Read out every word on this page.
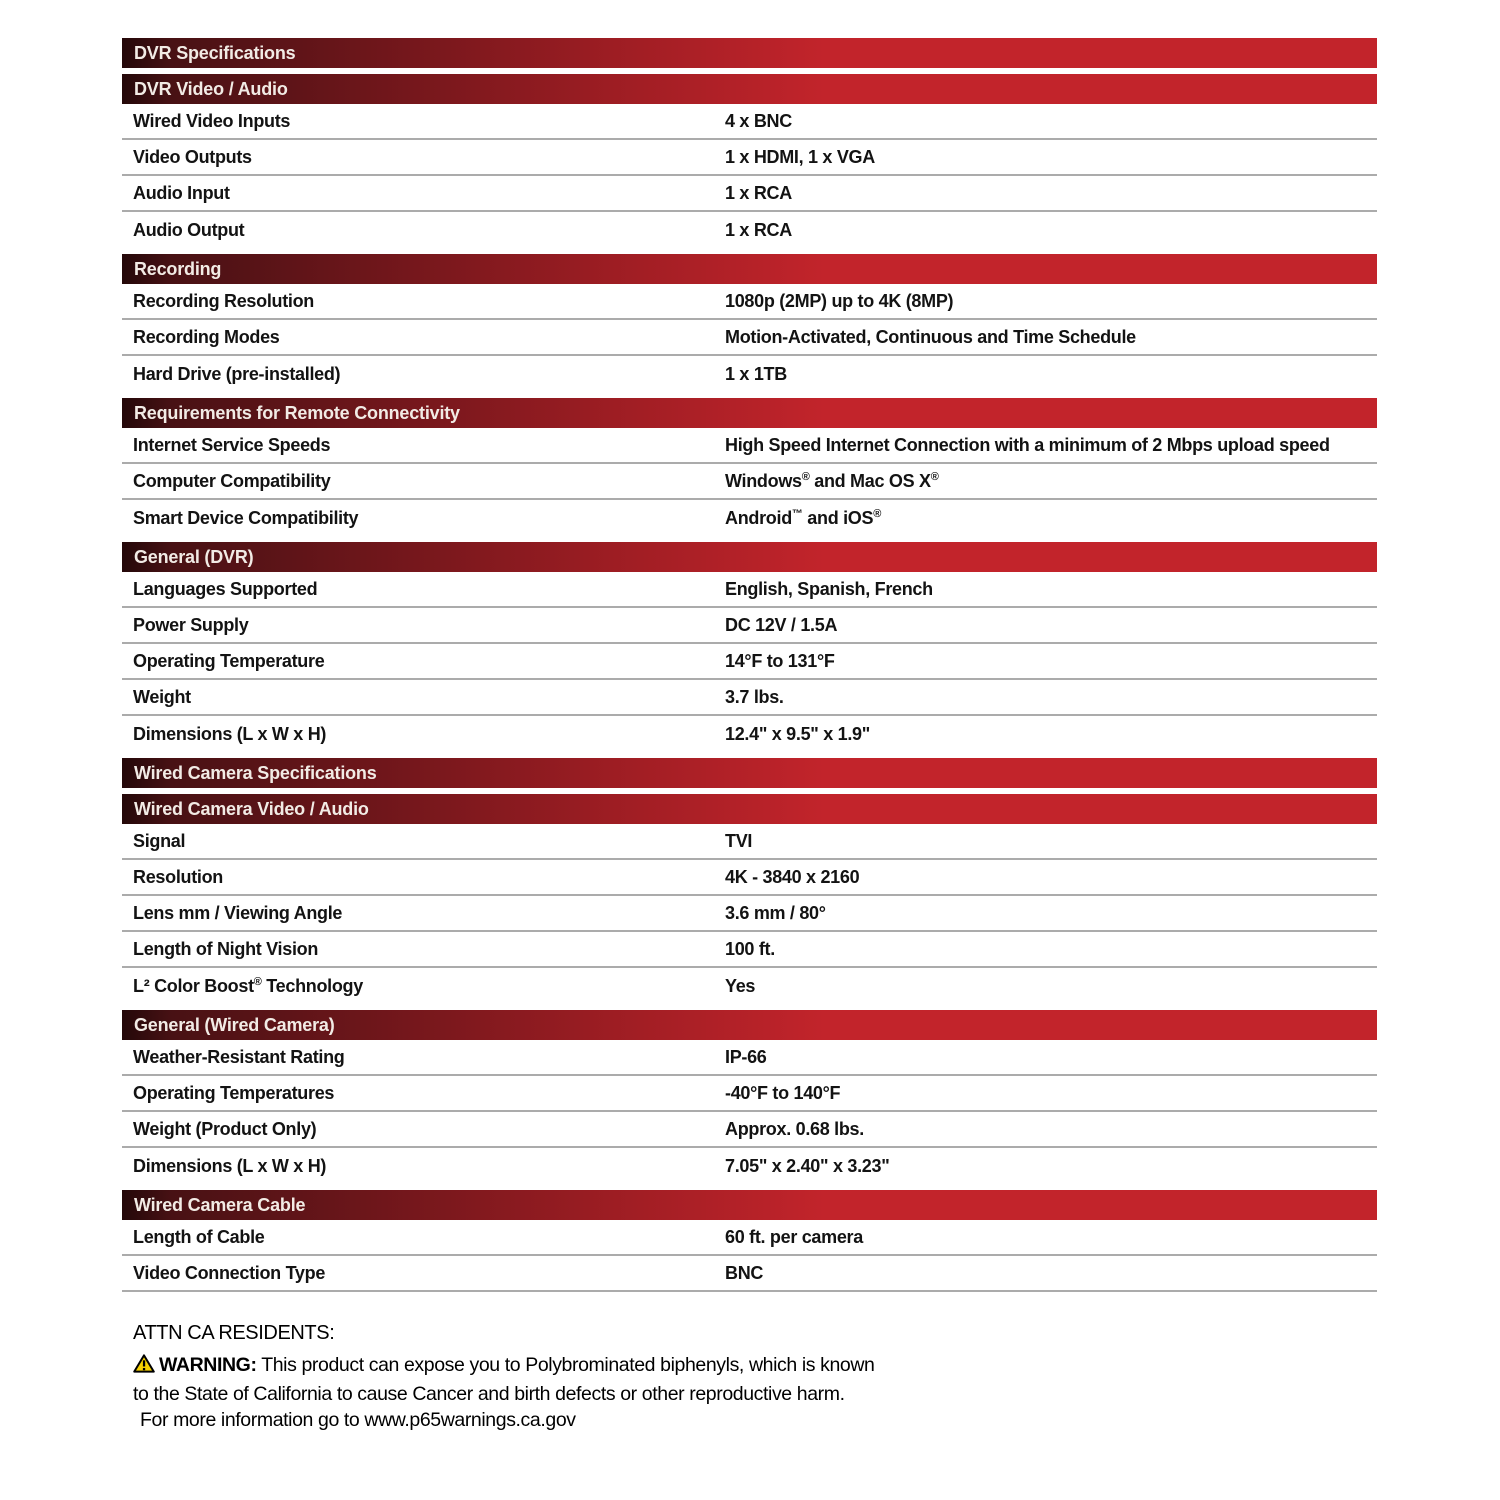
DVR Specifications
DVR Video / Audio
Wired Video Inputs	4 x BNC
Video Outputs	1 x HDMI, 1 x VGA
Audio Input	1 x RCA
Audio Output	1 x RCA
Recording
Recording Resolution	1080p (2MP) up to 4K (8MP)
Recording Modes	Motion-Activated, Continuous and Time Schedule
Hard Drive (pre-installed)	1 x 1TB
Requirements for Remote Connectivity
Internet Service Speeds	High Speed Internet Connection with a minimum of 2 Mbps upload speed
Computer Compatibility	Windows® and Mac OS X®
Smart Device Compatibility	Android™ and iOS®
General (DVR)
Languages Supported	English, Spanish, French
Power Supply	DC 12V / 1.5A
Operating Temperature	14°F to 131°F
Weight	3.7 lbs.
Dimensions (L x W x H)	12.4" x 9.5" x 1.9"
Wired Camera Specifications
Wired Camera Video / Audio
Signal	TVI
Resolution	4K - 3840 x 2160
Lens mm / Viewing Angle	3.6 mm / 80°
Length of Night Vision	100 ft.
L² Color Boost® Technology	Yes
General (Wired Camera)
Weather-Resistant Rating	IP-66
Operating Temperatures	-40°F to 140°F
Weight (Product Only)	Approx. 0.68 lbs.
Dimensions (L x W x H)	7.05" x 2.40" x 3.23"
Wired Camera Cable
Length of Cable	60 ft. per camera
Video Connection Type	BNC
ATTN CA RESIDENTS:
WARNING: This product can expose you to Polybrominated biphenyls, which is known
to the State of California to cause Cancer and birth defects or other reproductive harm.
For more information go to www.p65warnings.ca.gov
